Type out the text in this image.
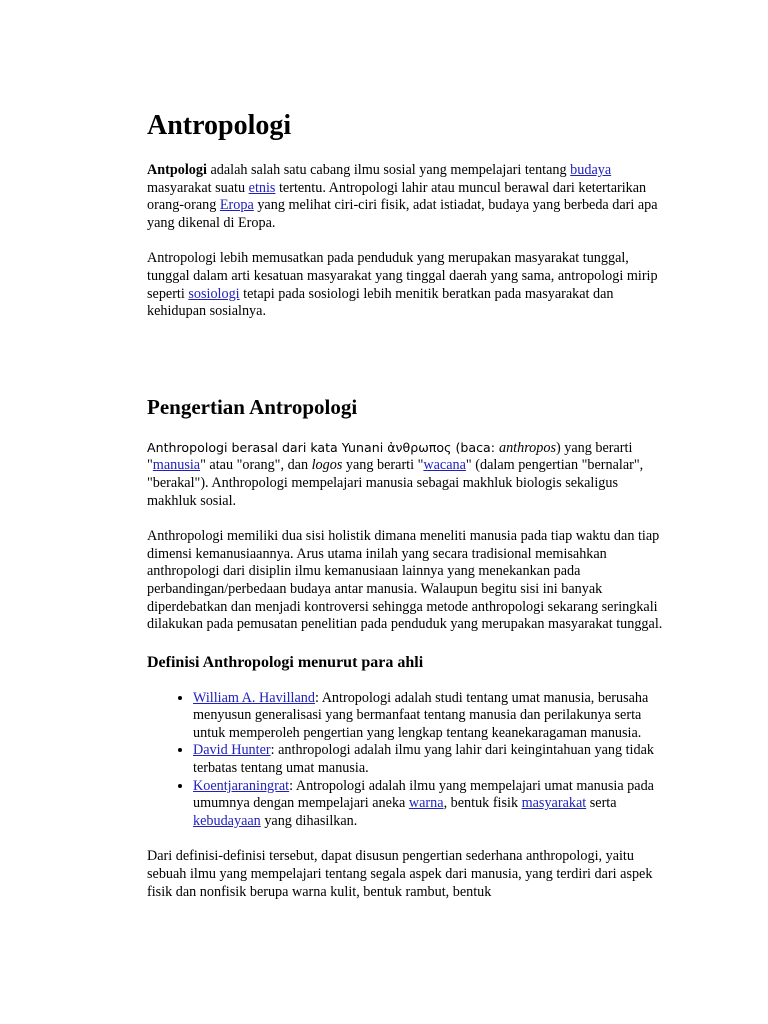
Antropologi

Antpologi adalah salah satu cabang ilmu sosial yang mempelajari tentang budaya masyarakat suatu etnis tertentu. Antropologi lahir atau muncul berawal dari ketertarikan orang-orang Eropa yang melihat ciri-ciri fisik, adat istiadat, budaya yang berbeda dari apa yang dikenal di Eropa.

Antropologi lebih memusatkan pada penduduk yang merupakan masyarakat tunggal, tunggal dalam arti kesatuan masyarakat yang tinggal daerah yang sama, antropologi mirip seperti sosiologi tetapi pada sosiologi lebih menitik beratkan pada masyarakat dan kehidupan sosialnya.

Pengertian Antropologi

Anthropologi berasal dari kata Yunani ἀνθρωπος (baca: anthropos) yang berarti "manusia" atau "orang", dan logos yang berarti "wacana" (dalam pengertian "bernalar", "berakal"). Anthropologi mempelajari manusia sebagai makhluk biologis sekaligus makhluk sosial.

Anthropologi memiliki dua sisi holistik dimana meneliti manusia pada tiap waktu dan tiap dimensi kemanusiaannya. Arus utama inilah yang secara tradisional memisahkan anthropologi dari disiplin ilmu kemanusiaan lainnya yang menekankan pada perbandingan/perbedaan budaya antar manusia. Walaupun begitu sisi ini banyak diperdebatkan dan menjadi kontroversi sehingga metode anthropologi sekarang seringkali dilakukan pada pemusatan penelitian pada penduduk yang merupakan masyarakat tunggal.

Definisi Anthropologi menurut para ahli
• William A. Havilland: Antropologi adalah studi tentang umat manusia, berusaha menyusun generalisasi yang bermanfaat tentang manusia dan perilakunya serta untuk memperoleh pengertian yang lengkap tentang keanekaragaman manusia.
• David Hunter: anthropologi adalah ilmu yang lahir dari keingintahuan yang tidak terbatas tentang umat manusia.
• Koentjaraningrat: Antropologi adalah ilmu yang mempelajari umat manusia pada umumnya dengan mempelajari aneka warna, bentuk fisik masyarakat serta kebudayaan yang dihasilkan.

Dari definisi-definisi tersebut, dapat disusun pengertian sederhana anthropologi, yaitu sebuah ilmu yang mempelajari tentang segala aspek dari manusia, yang terdiri dari aspek fisik dan nonfisik berupa warna kulit, bentuk rambut, bentuk
